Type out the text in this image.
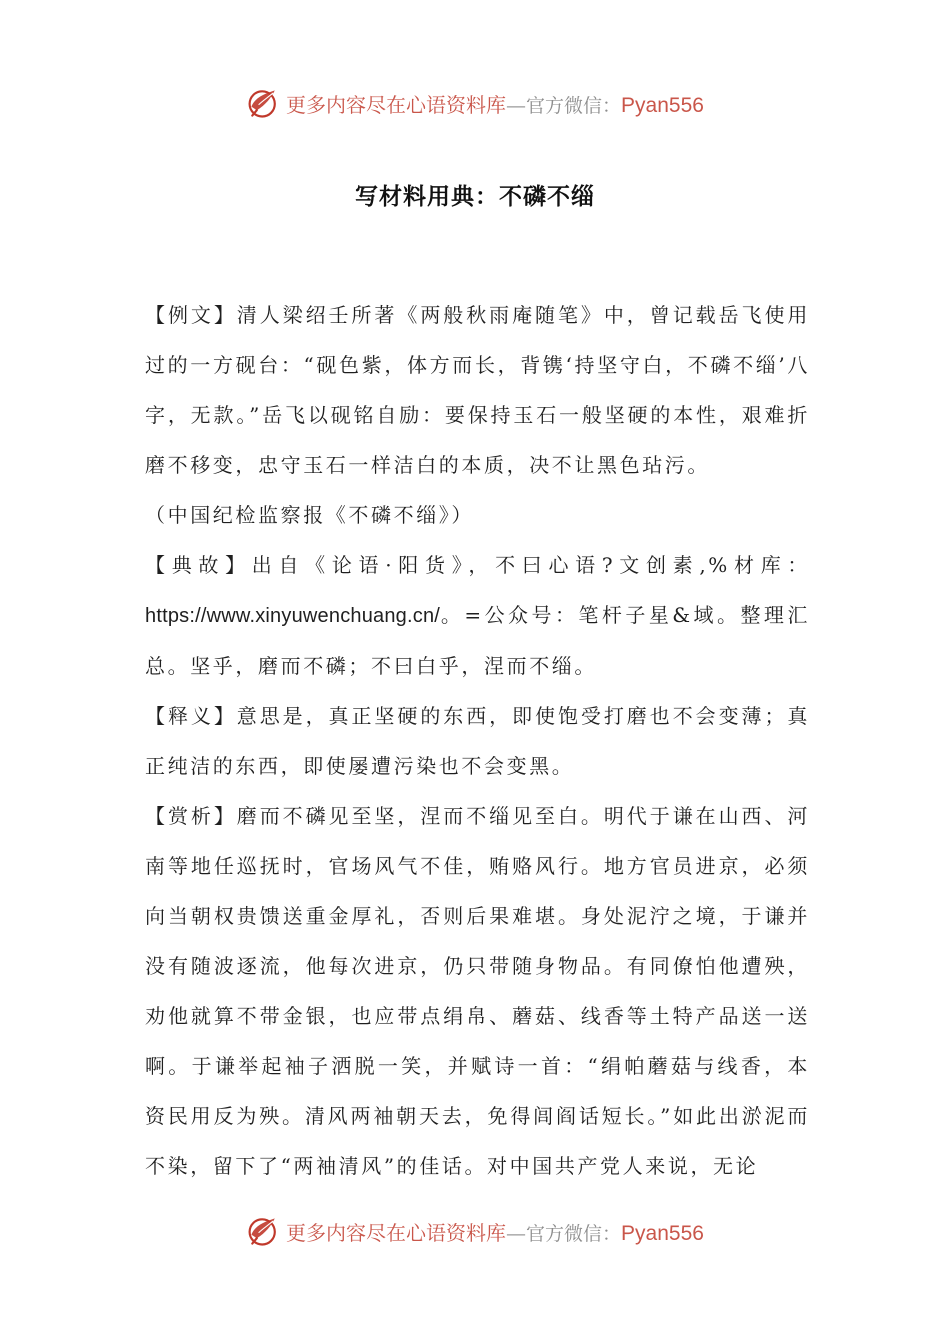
更多内容尽在心语资料库—官方微信：Pyan556
写材料用典：不磷不缁

【例文】清人梁绍壬所著《两般秋雨庵随笔》中，曾记载岳飞使用过的一方砚台：“砚色紫，体方而长，背镌‘持坚守白，不磷不缁’八字，无款。”岳飞以砚铭自励：要保持玉石一般坚硬的本性，艰难折磨不移变，忠守玉石一样洁白的本质，决不让黑色玷污。

（中国纪检监察报《不磷不缁》）

【典故】出自《论语·阳货》，不曰心语?文创素,%材库：https://www.xinyuwenchuang.cn/。=公众号：笔杆子星&域。整理汇总。坚乎，磨而不磷；不曰白乎，涅而不缁。

【释义】意思是，真正坚硬的东西，即使饱受打磨也不会变薄；真正纯洁的东西，即使屡遭污染也不会变黑。

【赏析】磨而不磷见至坚，涅而不缁见至白。明代于谦在山西、河南等地任巡抚时，官场风气不佳，贿赂风行。地方官员进京，必须向当朝权贵馈送重金厚礼，否则后果难堪。身处泥泞之境，于谦并没有随波逐流，他每次进京，仍只带随身物品。有同僚怕他遭殃，劝他就算不带金银，也应带点绢帛、蘑菇、线香等土特产品送一送啊。于谦举起袖子洒脱一笑，并赋诗一首：“绢帕蘑菇与线香，本资民用反为殃。清风两袖朝天去，免得闾阎话短长。”如此出淤泥而不染，留下了“两袖清风”的佳话。对中国共产党人来说，无论

更多内容尽在心语资料库—官方微信：Pyan556
